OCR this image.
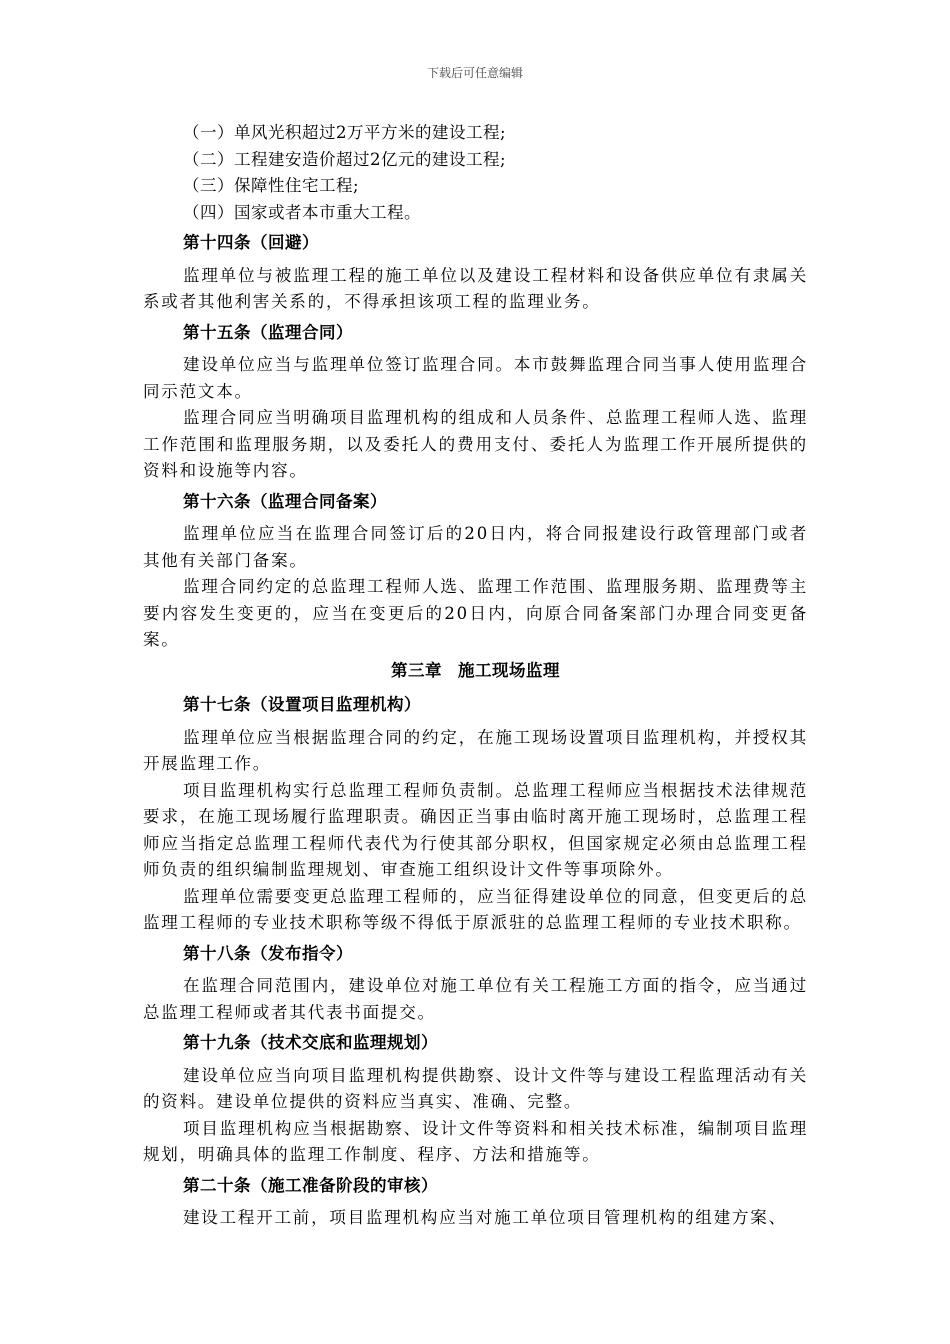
下载后可任意编辑
（一）单风光积超过2万平方米的建设工程;
（二）工程建安造价超过2亿元的建设工程;
（三）保障性住宅工程;
（四）国家或者本市重大工程。
第十四条（回避）
监理单位与被监理工程的施工单位以及建设工程材料和设备供应单位有隶属关系或者其他利害关系的，不得承担该项工程的监理业务。
第十五条（监理合同）
建设单位应当与监理单位签订监理合同。本市鼓舞监理合同当事人使用监理合同示范文本。
监理合同应当明确项目监理机构的组成和人员条件、总监理工程师人选、监理工作范围和监理服务期，以及委托人的费用支付、委托人为监理工作开展所提供的资料和设施等内容。
第十六条（监理合同备案）
监理单位应当在监理合同签订后的20日内，将合同报建设行政管理部门或者其他有关部门备案。
监理合同约定的总监理工程师人选、监理工作范围、监理服务期、监理费等主要内容发生变更的，应当在变更后的20日内，向原合同备案部门办理合同变更备案。
第三章 施工现场监理
第十七条（设置项目监理机构）
监理单位应当根据监理合同的约定，在施工现场设置项目监理机构，并授权其开展监理工作。
项目监理机构实行总监理工程师负责制。总监理工程师应当根据技术法律规范要求，在施工现场履行监理职责。确因正当事由临时离开施工现场时，总监理工程师应当指定总监理工程师代表代为行使其部分职权，但国家规定必须由总监理工程师负责的组织编制监理规划、审查施工组织设计文件等事项除外。
监理单位需要变更总监理工程师的，应当征得建设单位的同意，但变更后的总监理工程师的专业技术职称等级不得低于原派驻的总监理工程师的专业技术职称。
第十八条（发布指令）
在监理合同范围内，建设单位对施工单位有关工程施工方面的指令，应当通过总监理工程师或者其代表书面提交。
第十九条（技术交底和监理规划）
建设单位应当向项目监理机构提供勘察、设计文件等与建设工程监理活动有关的资料。建设单位提供的资料应当真实、准确、完整。
项目监理机构应当根据勘察、设计文件等资料和相关技术标准，编制项目监理规划，明确具体的监理工作制度、程序、方法和措施等。
第二十条（施工准备阶段的审核）
建设工程开工前，项目监理机构应当对施工单位项目管理机构的组建方案、
